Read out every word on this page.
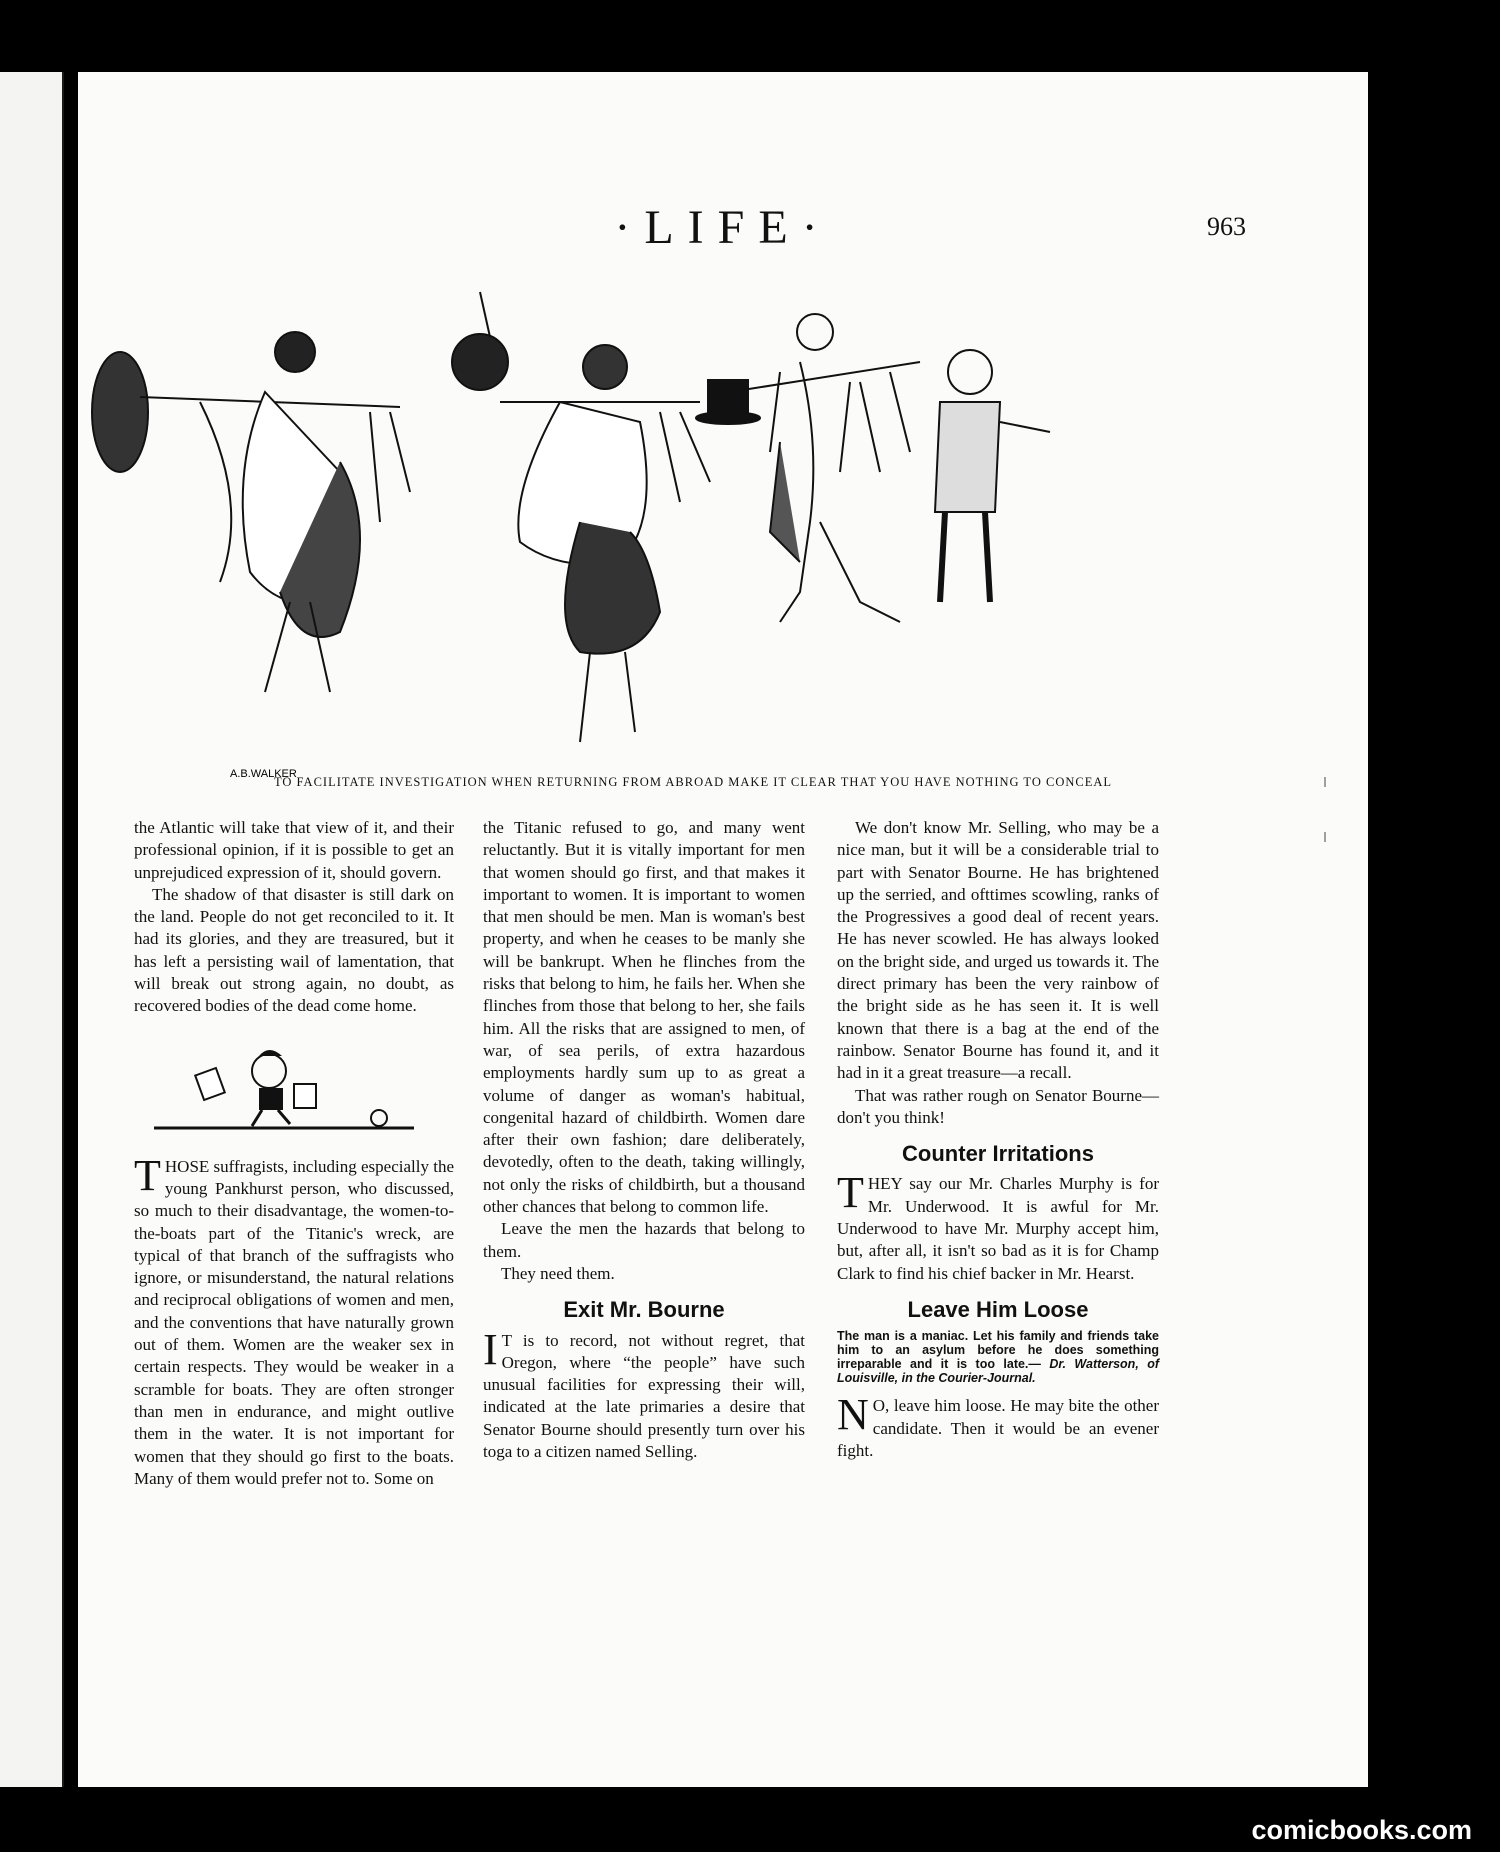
·LIFE·	963
A.B.WALKER
TO FACILITATE INVESTIGATION WHEN RETURNING FROM ABROAD MAKE IT CLEAR THAT YOU HAVE NOTHING TO CONCEAL

the Atlantic will take that view of it, and their professional opinion, if it is possible to get an unprejudiced expression of it, should govern.

The shadow of that disaster is still dark on the land. People do not get reconciled to it. It had its glories, and they are treasured, but it has left a persisting wail of lamentation, that will break out strong again, no doubt, as recovered bodies of the dead come home.

THOSE suffragists, including especially the young Pankhurst person, who discussed, so much to their disadvantage, the women-to-the-boats part of the Titanic's wreck, are typical of that branch of the suffragists who ignore, or misunderstand, the natural relations and reciprocal obligations of women and men, and the conventions that have naturally grown out of them. Women are the weaker sex in certain respects. They would be weaker in a scramble for boats. They are often stronger than men in endurance, and might outlive them in the water. It is not important for women that they should go first to the boats. Many of them would prefer not to. Some on

the Titanic refused to go, and many went reluctantly. But it is vitally important for men that women should go first, and that makes it important to women. It is important to women that men should be men. Man is woman's best property, and when he ceases to be manly she will be bankrupt. When he flinches from the risks that belong to him, he fails her. When she flinches from those that belong to her, she fails him. All the risks that are assigned to men, of war, of sea perils, of extra hazardous employments hardly sum up to as great a volume of danger as woman's habitual, congenital hazard of childbirth. Women dare after their own fashion; dare deliberately, devotedly, often to the death, taking willingly, not only the risks of childbirth, but a thousand other chances that belong to common life.

Leave the men the hazards that belong to them.

They need them.

Exit Mr. Bourne

I T is to record, not without regret, that Oregon, where “the people” have such unusual facilities for expressing their will, indicated at the late primaries a desire that Senator Bourne should presently turn over his toga to a citizen named Selling.

We don't know Mr. Selling, who may be a nice man, but it will be a considerable trial to part with Senator Bourne. He has brightened up the serried, and ofttimes scowling, ranks of the Progressives a good deal of recent years. He has never scowled. He has always looked on the bright side, and urged us towards it. The direct primary has been the very rainbow of the bright side as he has seen it. It is well known that there is a bag at the end of the rainbow. Senator Bourne has found it, and it had in it a great treasure—a recall.

That was rather rough on Senator Bourne—don't you think!

Counter Irritations

THEY say our Mr. Charles Murphy is for Mr. Underwood. It is awful for Mr. Underwood to have Mr. Murphy accept him, but, after all, it isn't so bad as it is for Champ Clark to find his chief backer in Mr. Hearst.

Leave Him Loose
The man is a maniac. Let his family and friends take him to an asylum before he does something irreparable and it is too late.— Dr. Watterson, of Louisville, in the Courier-Journal.

N O, leave him loose. He may bite the other candidate. Then it would be an evener fight.

comicbooks.com
